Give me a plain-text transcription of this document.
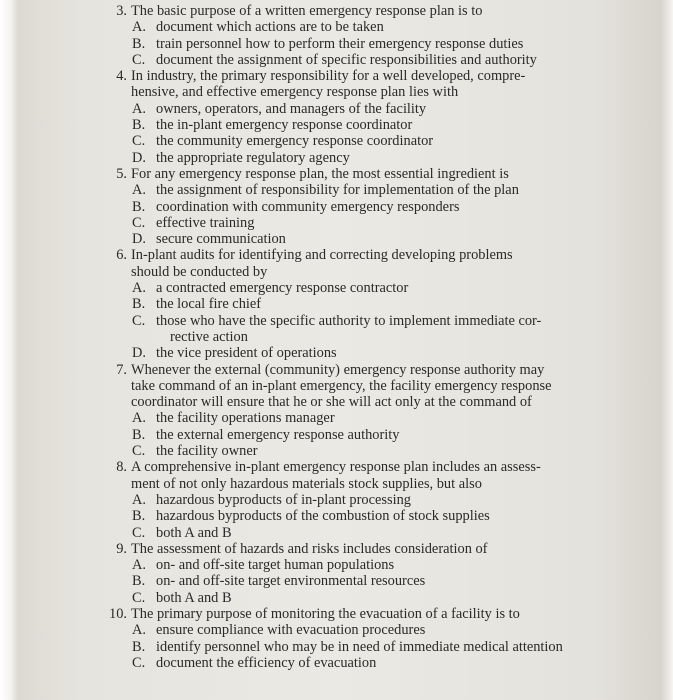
3. The basic purpose of a written emergency response plan is to
A. document which actions are to be taken
B. train personnel how to perform their emergency response duties
C. document the assignment of specific responsibilities and authority
4. In industry, the primary responsibility for a well developed, compre-
hensive, and effective emergency response plan lies with
A. owners, operators, and managers of the facility
B. the in-plant emergency response coordinator
C. the community emergency response coordinator
D. the appropriate regulatory agency
5. For any emergency response plan, the most essential ingredient is
A. the assignment of responsibility for implementation of the plan
B. coordination with community emergency responders
C. effective training
D. secure communication
6. In-plant audits for identifying and correcting developing problems
should be conducted by
A. a contracted emergency response contractor
B. the local fire chief
C. those who have the specific authority to implement immediate cor-
rective action
D. the vice president of operations
7. Whenever the external (community) emergency response authority may
take command of an in-plant emergency, the facility emergency response
coordinator will ensure that he or she will act only at the command of
A. the facility operations manager
B. the external emergency response authority
C. the facility owner
8. A comprehensive in-plant emergency response plan includes an assess-
ment of not only hazardous materials stock supplies, but also
A. hazardous byproducts of in-plant processing
B. hazardous byproducts of the combustion of stock supplies
C. both A and B
9. The assessment of hazards and risks includes consideration of
A. on- and off-site target human populations
B. on- and off-site target environmental resources
C. both A and B
10. The primary purpose of monitoring the evacuation of a facility is to
A. ensure compliance with evacuation procedures
B. identify personnel who may be in need of immediate medical attention
C. document the efficiency of evacuation
